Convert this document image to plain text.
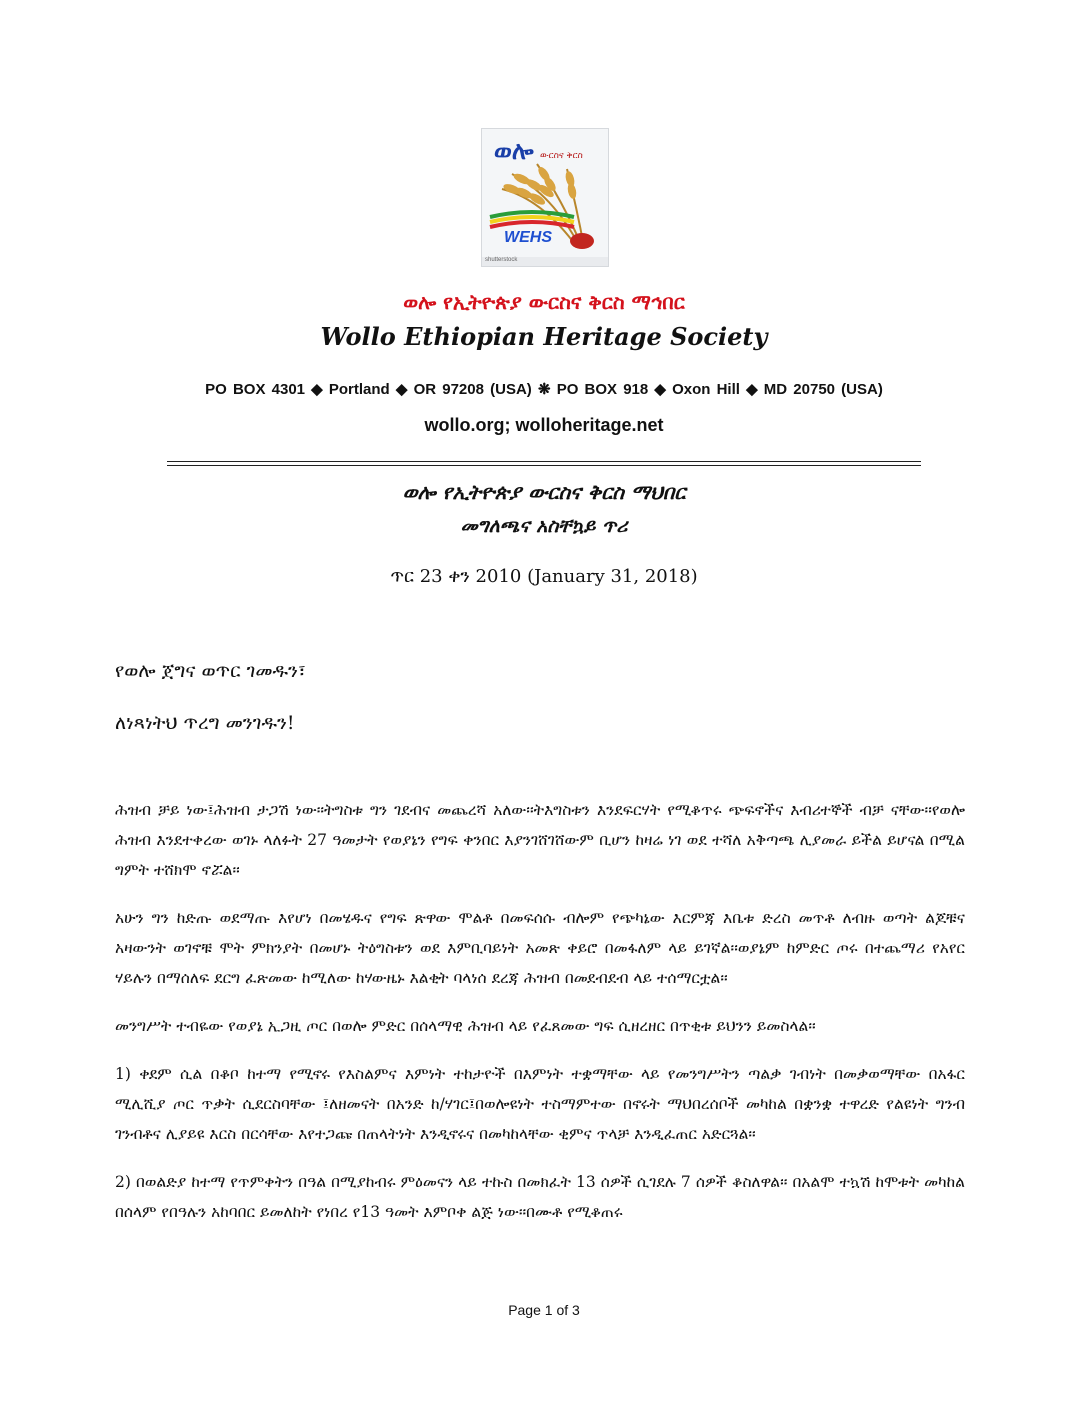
ወሎ ውርስና ቅርስ
WEHS
shutterstock
ወሎ የኢትዮጵያ ውርስና ቅርስ ማኅበር
Wollo Ethiopian Heritage Society
PO BOX 4301 ◆ Portland ◆ OR 97208 (USA) ❋ PO BOX 918 ◆ Oxon Hill ◆ MD 20750 (USA)
wollo.org; wolloheritage.net
ወሎ የኢትዮጵያ ውርስና ቅርስ ማህበር
መግለጫና አስቸኳይ ጥሪ
ጥር 23 ቀን 2010 (January 31, 2018)
የወሎ ጀግና ወጥር ገመዱን፣
ለነጻነትህ ጥረግ መንገዱን!

ሕዝብ ቻይ ነው፤ሕዝብ ታጋሽ ነው፡፡ትግስቱ ግን ገደብና መጨረሻ አለው፡፡ትእግስቱን እንደፍርሃት የሚቆጥሩ ጭፍኖችና እብሪተኞች ብቻ ናቸው፡፡የወሎ ሕዝብ እንደተቀረው ወገኑ ላለፉት 27 ዓመታት የወያኔን የግፍ ቀንበር እያንገሸገሸውም ቢሆን ከዛሬ ነገ ወደ ተሻለ አቅጣጫ ሊያመራ ይችል ይሆናል በሚል ግምት ተሸክሞ ኖሯል፡፡

አሁን ግን ከድጡ ወደማጡ እየሆነ በመሄዱና የግፍ ጽዋው ሞልቶ በመፍሰሱ ብሎም የጭካኔው እርምጃ እቤቱ ድረስ መጥቶ ለብዙ ወጣት ልጆቹና አዛውንት ወገኖቹ ሞት ምክንያት በመሆኑ ትዕግስቱን ወደ እምቢባይነት አመጽ ቀይሮ በመፋለም ላይ ይገኛል፡፡ወያኔም ከምድር ጦሩ በተጨማሪ የአየር ሃይሉን በማሰለፍ ደርግ ፈጽመው ከሚለው ከሃውዜኑ እልቂት ባላነሰ ደረጃ ሕዝብ በመደብደብ ላይ ተሰማርቷል፡፡

መንግሥት ተብዬው የወያኔ ኢጋዚ ጦር በወሎ ምድር በሰላማዊ ሕዝብ ላይ የፈጸመው ግፍ ሲዘረዘር በጥቂቱ ይህንን ይመስላል፡፡

1) ቀደም ሲል በቆቦ ከተማ የሚኖሩ የእስልምና እምነት ተከታዮች በእምነት ተቋማቸው ላይ የመንግሥትን ጣልቃ ገብነት በመቃወማቸው በአፋር ሚሊሺያ ጦር ጥቃት ሲደርስባቸው ፤ለዘመናት በአንድ ከ/ሃገር፤በወሎዩነት ተስማምተው በኖሩት ማህበረሰቦች መካከል በቋንቋ ተዋረድ የልዩነት ግንብ ገንብቶና ሊያይዩ እርስ በርሳቸው እየተጋጩ በጠላትነት እንዲኖሩና በመካከላቸው ቂምና ጥላቻ እንዲፈጠር አድርጓል፡፡

2) በወልድያ ከተማ የጥምቀትን በዓል በሚያከብሩ ምዕመናን ላይ ተኩስ በመክፈት 13 ሰዎች ሲገደሉ 7 ሰዎች ቆስለዋል፡፡ በአልሞ ተኳሽ ከሞቱት መካከል በሰላም የበዓሉን አከባበር ይመለከት የነበረ የ13 ዓመት እምቦቀ ልጅ ነው፡፡በሙቶ የሚቆጠሩ

Page 1 of 3
